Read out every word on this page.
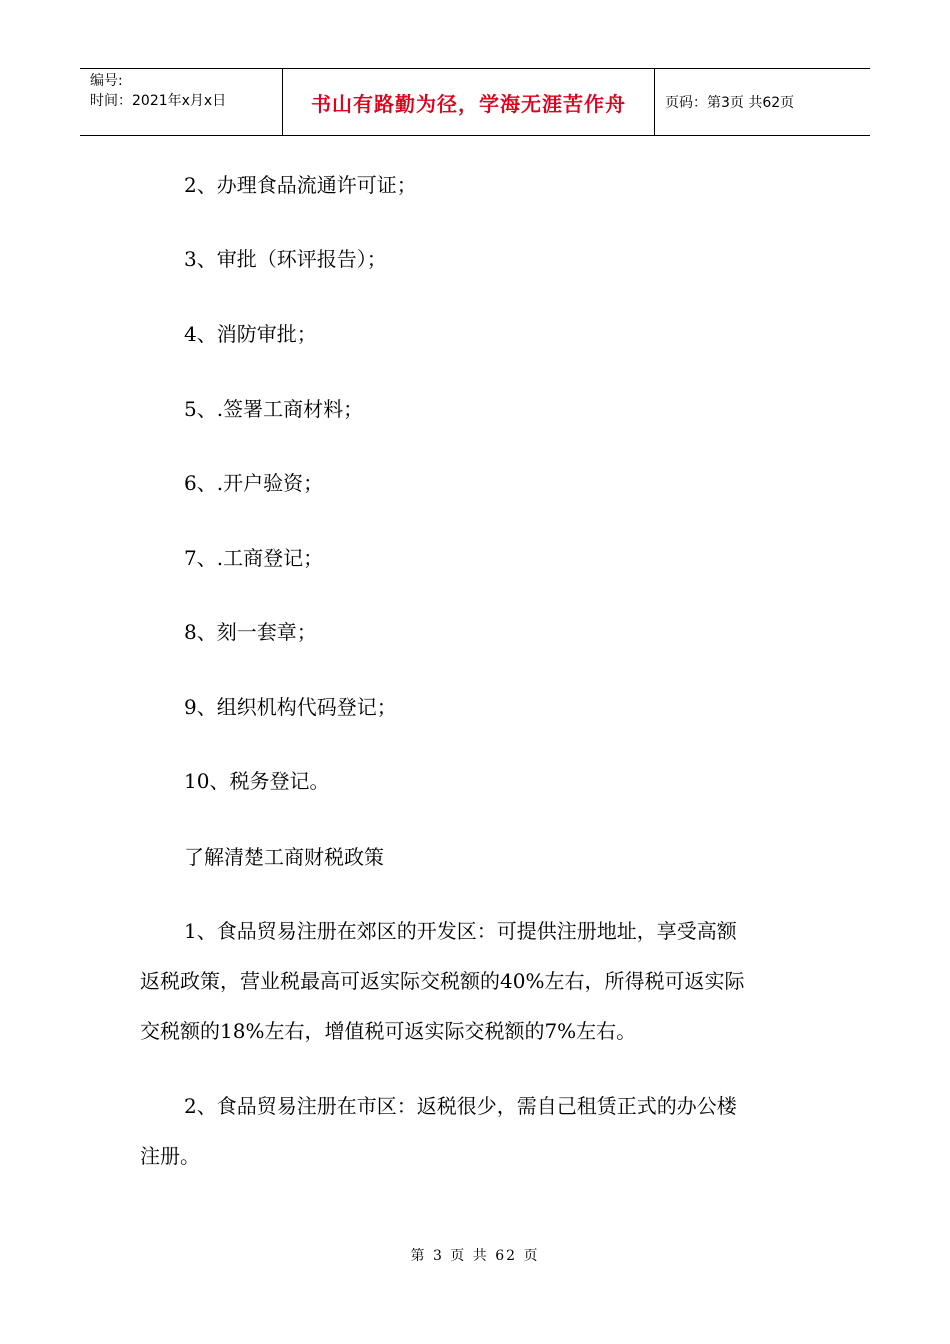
编号:
时间：2021年x月x日	书山有路勤为径，学海无涯苦作舟	页码：第3页 共62页
2、办理食品流通许可证；
3、审批（环评报告）；
4、消防审批；
5、.签署工商材料；
6、.开户验资；
7、.工商登记；
8、刻一套章；
9、组织机构代码登记；
10、税务登记。
了解清楚工商财税政策
1、食品贸易注册在郊区的开发区：可提供注册地址，享受高额
返税政策，营业税最高可返实际交税额的40%左右，所得税可返实际
交税额的18%左右，增值税可返实际交税额的7%左右。
2、食品贸易注册在市区：返税很少，需自己租赁正式的办公楼
注册。
第 3 页 共 62 页
